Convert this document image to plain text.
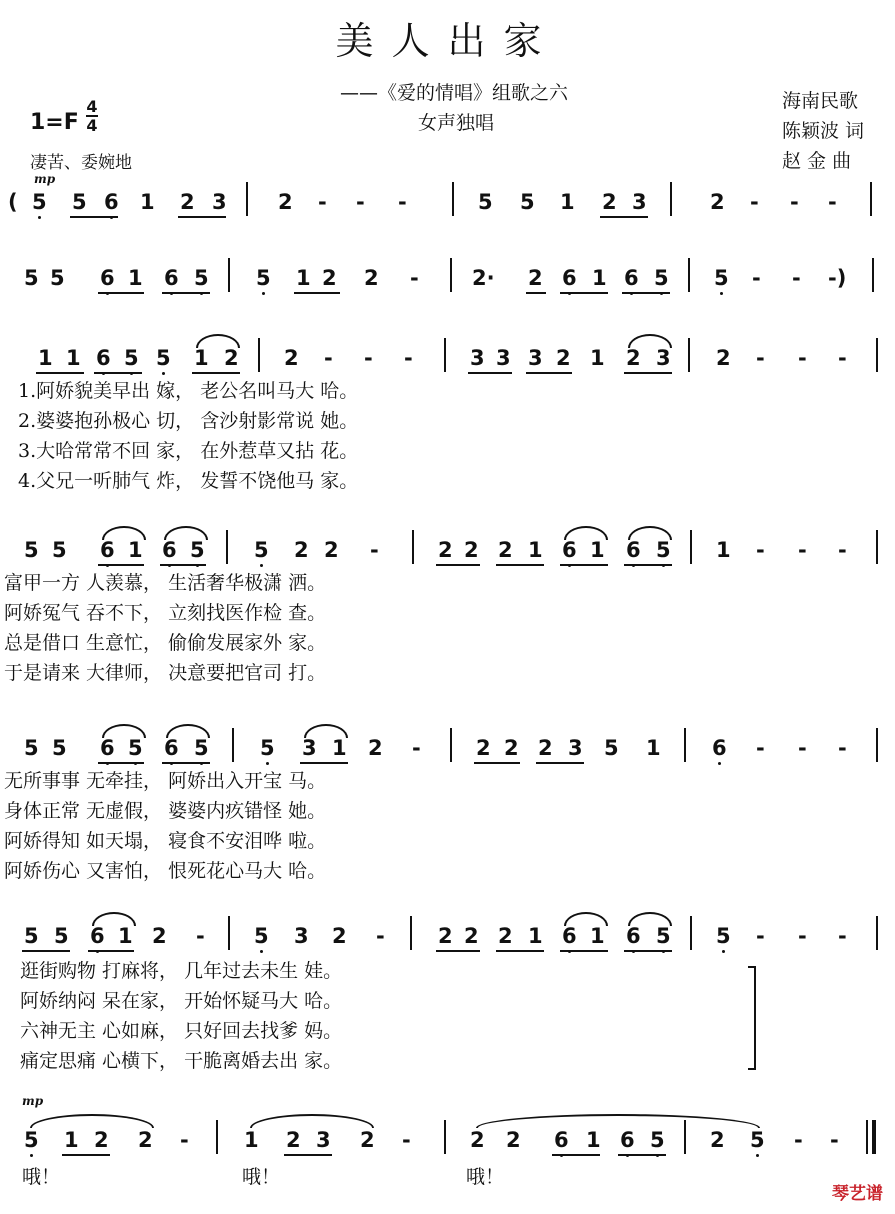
美人出家
——《爱的情唱》组歌之六
女声独唱
海南民歌
陈颖波 词
赵 金 曲
1=F
4
4
凄苦、委婉地
mp
( 5 5 6 1 2 3 2 - - -	5 5 1 2 3	2 - - -
5 5 6 1 6 5 5 1 2 2 -	2· 2 6 1 6 5 5 - - -)
1 1 6 5 5 1 2 2 - - -	3 3 3 2 1 2 3 2 - - -
1.阿娇貌美早出 嫁， 老公名叫马大 哈。
2.婆婆抱孙极心 切， 含沙射影常说 她。
3.大哈常常不回 家， 在外惹草又拈 花。
4.父兄一听肺气 炸， 发誓不饶他马 家。
5 5 6 1 6 5 5 2 2 -	2 2 2 1 6 1 6 5 1 - - -
富甲一方 人羡慕， 生活奢华极潇 洒。
阿娇冤气 吞不下， 立刻找医作检 查。
总是借口 生意忙， 偷偷发展家外 家。
于是请来 大律师， 决意要把官司 打。
5 5 6 5 6 5 5 3 1 2 -	2 2 2 3 5 1 6 - - -
无所事事 无牵挂， 阿娇出入开宝 马。
身体正常 无虚假， 婆婆内疚错怪 她。
阿娇得知 如天塌， 寝食不安泪哗 啦。
阿娇伤心 又害怕， 恨死花心马大 哈。
5 5 6 1 2 - 5 3 2 -	2 2 2 1 6 1 6 5 5 - - -
逛街购物 打麻将， 几年过去未生 娃。
阿娇纳闷 呆在家， 开始怀疑马大 哈。
六神无主 心如麻， 只好回去找爹 妈。
痛定思痛 心横下， 干脆离婚去出 家。
mp
5 1 2 2 -	1 2 3 2 -	2 2 6 1 6 5 2 5 - -
哦！	哦！	哦！
琴艺谱
